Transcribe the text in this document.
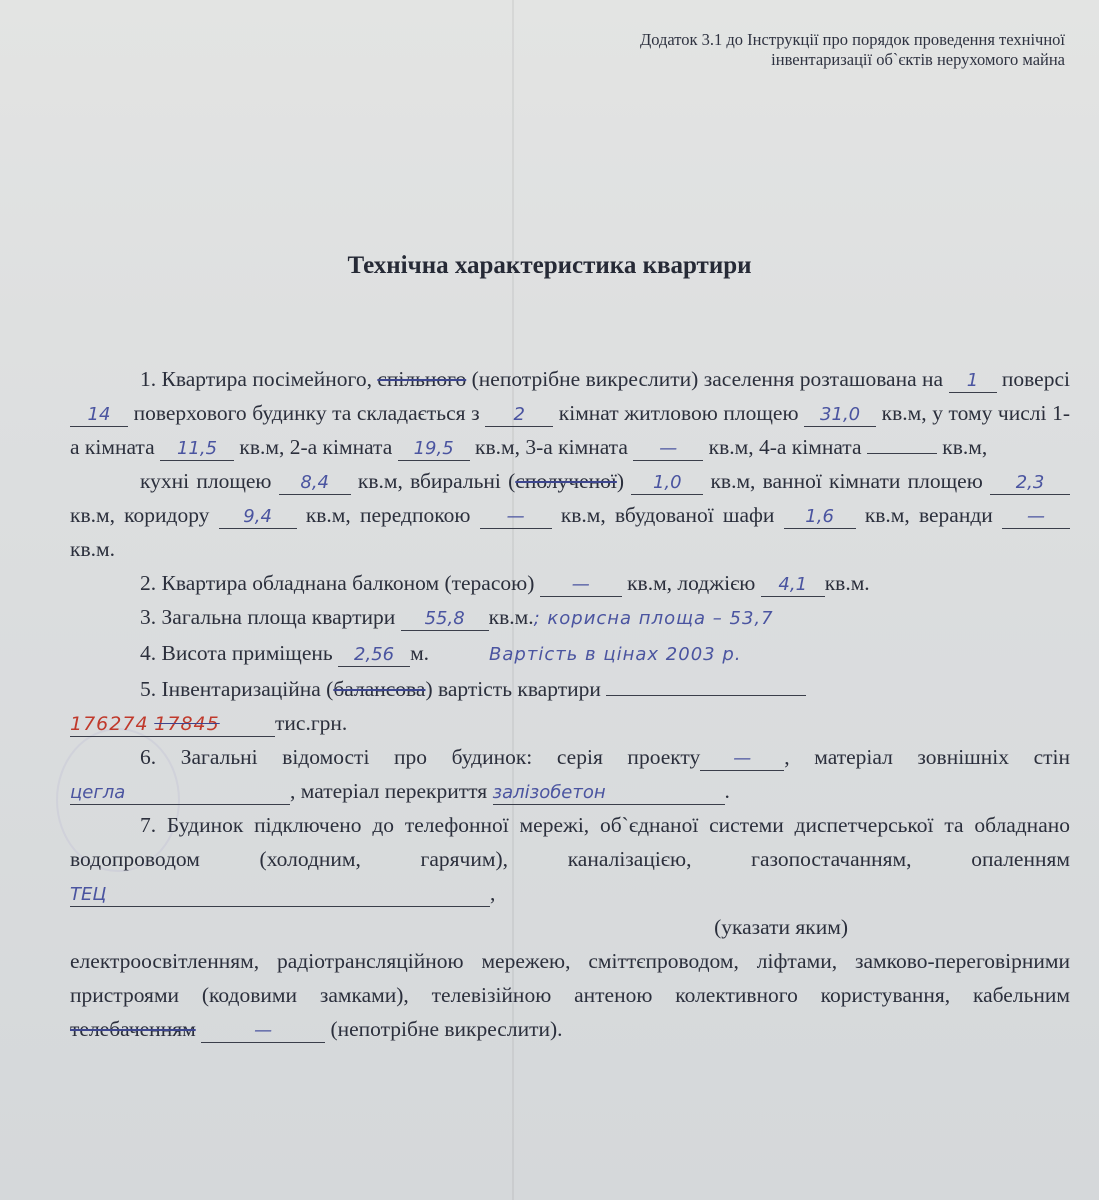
Додаток 3.1 до Інструкції про порядок проведення технічної
інвентаризації об`єктів нерухомого майна
Технічна характеристика квартири

1. Квартира посімейного, спільного (непотрібне викреслити) заселення розташована на 1 поверсі 14 поверхового будинку та складається з 2 кімнат житловою площею 31,0 кв.м, у тому числі 1-а кімната 11,5 кв.м, 2-а кімната 19,5 кв.м, 3-а кімната — кв.м, 4-а кімната	кв.м,

кухні площею 8,4 кв.м, вбиральні (сполученої) 1,0 кв.м, ванної кімнати площею 2,3 кв.м, коридору 9,4 кв.м, передпокою — кв.м, вбудованої шафи 1,6 кв.м, веранди — кв.м.

2. Квартира обладнана балконом (терасою) — кв.м, лоджією 4,1 кв.м.

3. Загальна площа квартири 55,8 кв.м.; корисна площа – 53,7

4. Висота приміщень 2,56 м.	Вартість в цінах 2003 р.

5. Інвентаризаційна (балансова) вартість квартири

176274 17845	тис.грн.

6. Загальні відомості про будинок: серія проекту — , матеріал зовнішніх стін цегла	, матеріал перекриття залізобетон	.

7. Будинок підключено до телефонної мережі, об`єднаної системи диспетчерської та обладнано водопроводом (холодним, гарячим), каналізацією, газопостачанням, опаленнямТЕЦ	,
(указати яким)

електроосвітленням, радіотрансляційною мережею, сміттєпроводом, ліфтами, замково-переговірними пристроями (кодовими замками), телевізійною антеною колективного користування, кабельним телебаченням	— (непотрібне викреслити).
